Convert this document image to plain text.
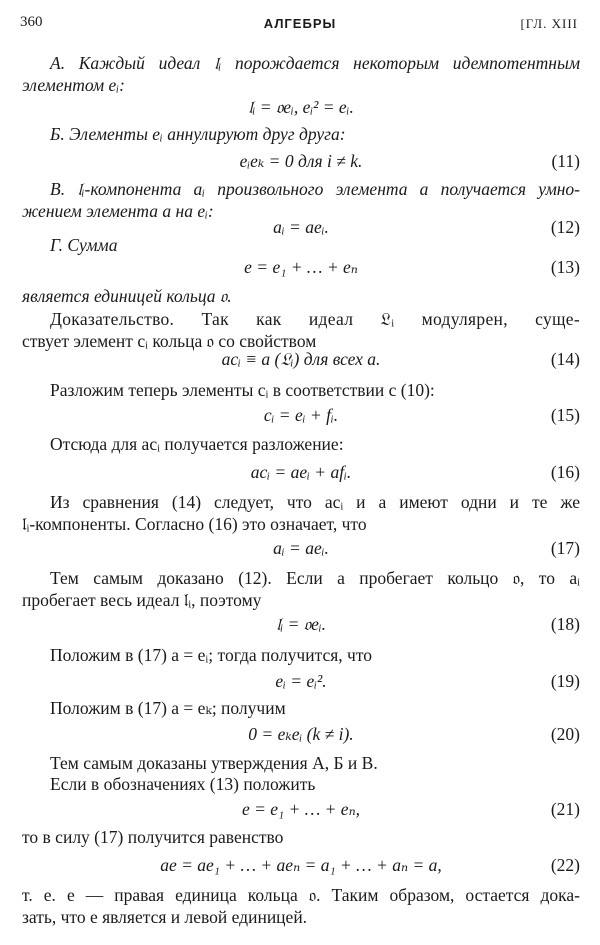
360	АЛГЕБРЫ	[ГЛ. XIII
А. Каждый идеал 𝔩ᵢ порождается некоторым идемпотентным
элементом eᵢ:
𝔩ᵢ = 𝔬eᵢ, eᵢ² = eᵢ.
Б. Элементы eᵢ аннулируют друг друга:
eᵢeₖ = 0 для i ≠ k.	(11)
В. 𝔩ᵢ-компонента aᵢ произвольного элемента a получается умно-
жением элемента a на eᵢ:
aᵢ = aeᵢ.	(12)
Г. Сумма
e = e₁ + … + eₙ	(13)
является единицей кольца 𝔬.
Доказательство. Так как идеал 𝔏ᵢ модулярен, суще-
ствует элемент cᵢ кольца 𝔬 со свойством
acᵢ ≡ a (𝔏ᵢ) для всех a.	(14)
Разложим теперь элементы cᵢ в соответствии с (10):
cᵢ = eᵢ + fᵢ.	(15)
Отсюда для acᵢ получается разложение:
acᵢ = aeᵢ + afᵢ.	(16)
Из сравнения (14) следует, что acᵢ и a имеют одни и те же
𝔩ᵢ-компоненты. Согласно (16) это означает, что
aᵢ = aeᵢ.	(17)
Тем самым доказано (12). Если a пробегает кольцо 𝔬, то aᵢ
пробегает весь идеал 𝔩ᵢ, поэтому
𝔩ᵢ = 𝔬eᵢ.	(18)
Положим в (17) a = eᵢ; тогда получится, что
eᵢ = eᵢ².	(19)
Положим в (17) a = eₖ; получим
0 = eₖeᵢ (k ≠ i).	(20)
Тем самым доказаны утверждения А, Б и В.
Если в обозначениях (13) положить
e = e₁ + … + eₙ,	(21)
то в силу (17) получится равенство
ae = ae₁ + … + aeₙ = a₁ + … + aₙ = a,	(22)
т. е. e — правая единица кольца 𝔬. Таким образом, остается дока-
зать, что e является и левой единицей.
